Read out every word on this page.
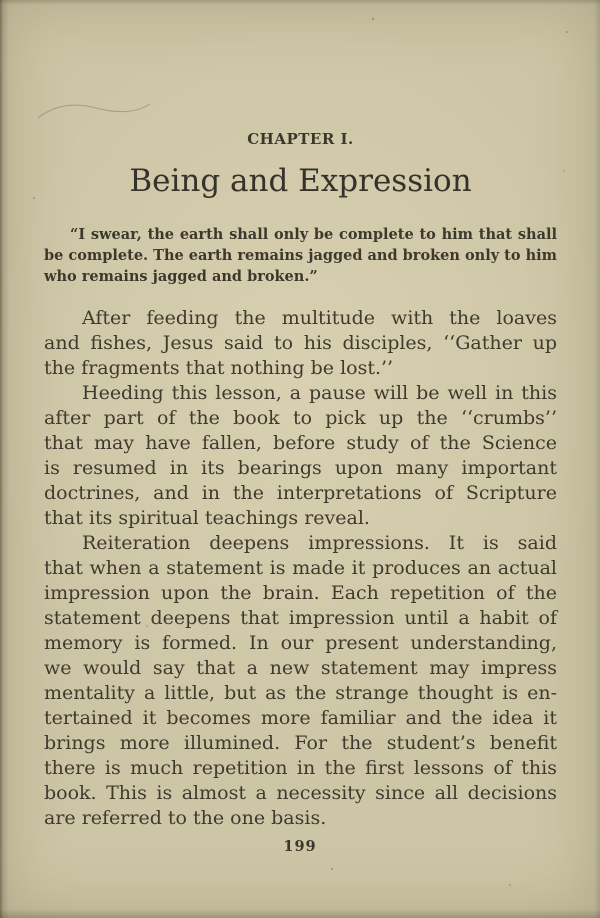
CHAPTER I.
Being and Expression
“I swear, the earth shall only be complete to him that shall
be complete. The earth remains jagged and broken only to him
who remains jagged and broken.”
After feeding the multitude with the loaves
and fishes, Jesus said to his disciples, ‘‘Gather up
the fragments that nothing be lost.’’
Heeding this lesson, a pause will be well in this
after part of the book to pick up the ‘‘crumbs’’
that may have fallen, before study of the Science
is resumed in its bearings upon many important
doctrines, and in the interpretations of Scripture
that its spiritual teachings reveal.
Reiteration deepens impressions. It is said
that when a statement is made it produces an actual
impression upon the brain. Each repetition of the
statement deepens that impression until a habit of
memory is formed. In our present understanding,
we would say that a new statement may impress
mentality a little, but as the strange thought is en-
tertained it becomes more familiar and the idea it
brings more illumined. For the student’s benefit
there is much repetition in the first lessons of this
book. This is almost a necessity since all decisions
are referred to the one basis.
199
